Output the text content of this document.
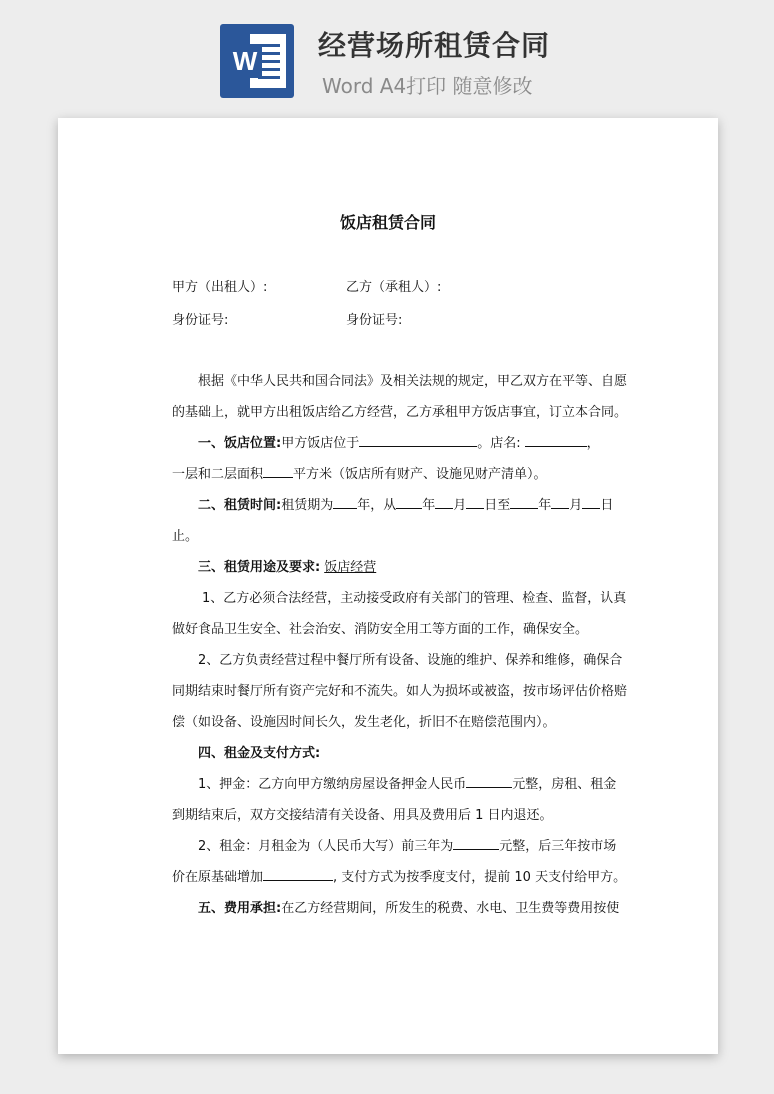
W 经营场所租赁合同
Word A4打印 随意修改
饭店租赁合同
甲方（出租人）:	乙方（承租人）:
身份证号:	身份证号:
根据《中华人民共和国合同法》及相关法规的规定，甲乙双方在平等、自愿
的基础上，就甲方出租饭店给乙方经营，乙方承租甲方饭店事宜，订立本合同。
一、饭店位置:甲方饭店位于	。店名:	，
一层和二层面积 平方米（饭店所有财产、设施见财产清单）。
二、租赁时间:租赁期为 年，从 年 月 日至 年 月 日
止。
三、租赁用途及要求: 饭店经营
1、乙方必须合法经营，主动接受政府有关部门的管理、检查、监督，认真
做好食品卫生安全、社会治安、消防安全用工等方面的工作，确保安全。
2、乙方负责经营过程中餐厅所有设备、设施的维护、保养和维修，确保合
同期结束时餐厅所有资产完好和不流失。如人为损坏或被盗，按市场评估价格赔
偿（如设备、设施因时间长久，发生老化，折旧不在赔偿范围内）。
四、租金及支付方式:
1、押金：乙方向甲方缴纳房屋设备押金人民币	元整，房租、租金
到期结束后，双方交接结清有关设备、用具及费用后 1 日内退还。
2、租金：月租金为（人民币大写）前三年为	元整，后三年按市场
价在原基础增加	, 支付方式为按季度支付，提前 10 天支付给甲方。
五、费用承担:在乙方经营期间，所发生的税费、水电、卫生费等费用按使
